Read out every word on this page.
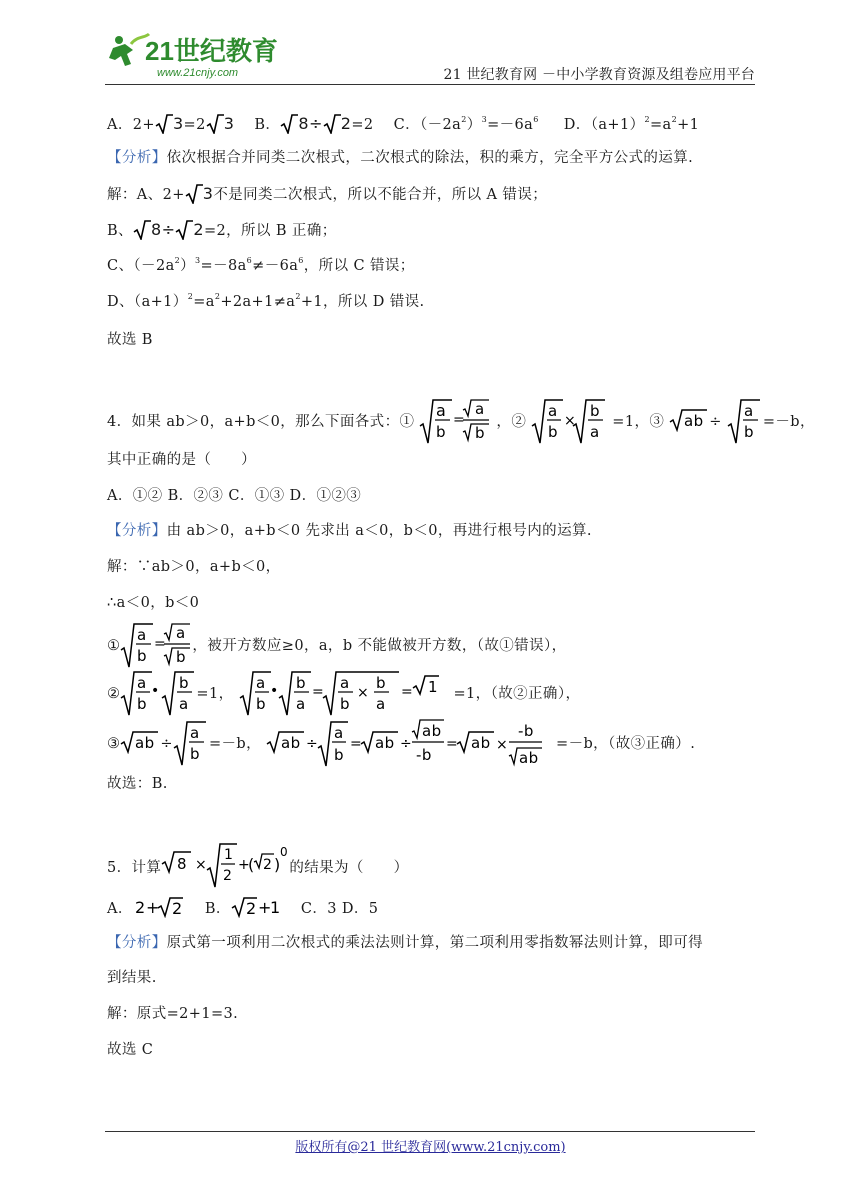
21世纪教育
www.21cnjy.com	21 世纪教育网 －中小学教育资源及组卷应用平台
A．2+ 3=2 3 B． 8÷ 2=2 C．$(-2a^2)^3=-6a^6$ D．$(a+1)^2=a^2+1$
【分析】依次根据合并同类二次根式，二次根式的除法，积的乘方，完全平方公式的运算.
解：A、2+ 3不是同类二次根式，所以不能合并，所以 A 错误；
B、 8÷ 2=2，所以 B 正确；
C、$(-2a^2)^3=-8a^6\ne-6a^6$，所以 C 错误；
D、$(a+1)^2=a^2+2a+1\ne a^2+1$，所以 D 错误.
故选 B
4．如果 ab＞0，a+b＜0，那么下面各式：①
a
b
=
a
b
，②
a
b
×
b
a
=1，③ ab ÷
a
b
=－b，
其中正确的是（　　）
A．①② B．②③ C．①③ D．①②③
【分析】由 ab＞0，a+b＜0 先求出 a＜0，b＜0，再进行根号内的运算.
解：∵ab＞0，a+b＜0，
∴a＜0，b＜0
①
a
b
=
a
b
，被开方数应≥0，a，b 不能做被开方数，（故①错误），
②
a
b
• b
a
=1，
a
b
• b
a
= a
b
×
b
a
= 1 =1，（故②正确），
③ ab ÷
a
b
=－b， ab ÷
a
b
= ab ÷
ab
-b
= ab ×
-b
ab
=－b，（故③正确）.
故选：B.
5．计算 8 ×
1
2
+
( 2 )
0
的结果为（　　）
A． 2 + 2 B． 2 +
1 C．3 D．5
【分析】原式第一项利用二次根式的乘法法则计算，第二项利用零指数幂法则计算，即可得
到结果.
解：原式=2+1=3.
故选 C
版权所有@21 世纪教育网(www.21cnjy.com)
